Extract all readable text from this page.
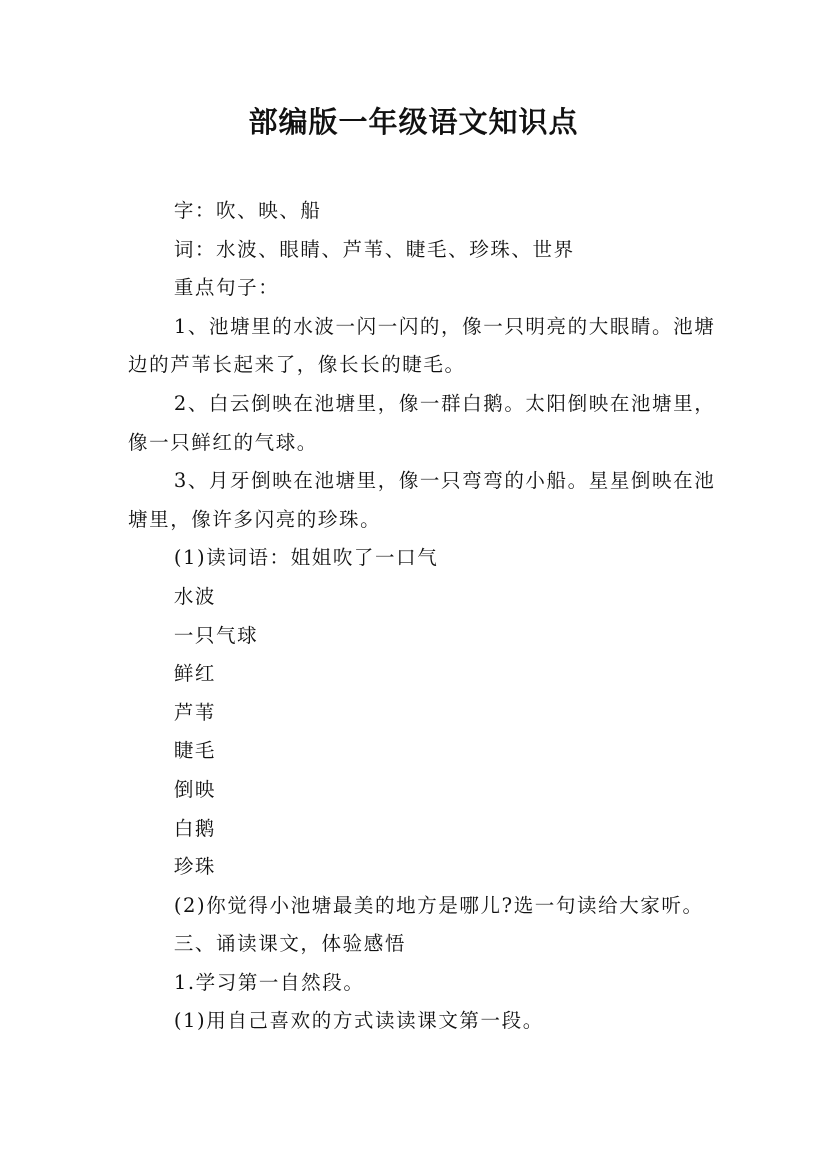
部编版一年级语文知识点

字：吹、映、船

词：水波、眼睛、芦苇、睫毛、珍珠、世界

重点句子：

1、池塘里的水波一闪一闪的，像一只明亮的大眼睛。池塘边的芦苇长起来了，像长长的睫毛。

2、白云倒映在池塘里，像一群白鹅。太阳倒映在池塘里，像一只鲜红的气球。

3、月牙倒映在池塘里，像一只弯弯的小船。星星倒映在池塘里，像许多闪亮的珍珠。

(1)读词语：姐姐吹了一口气

水波

一只气球

鲜红

芦苇

睫毛

倒映

白鹅

珍珠

(2)你觉得小池塘最美的地方是哪儿?选一句读给大家听。

三、诵读课文，体验感悟

1.学习第一自然段。

(1)用自己喜欢的方式读读课文第一段。
